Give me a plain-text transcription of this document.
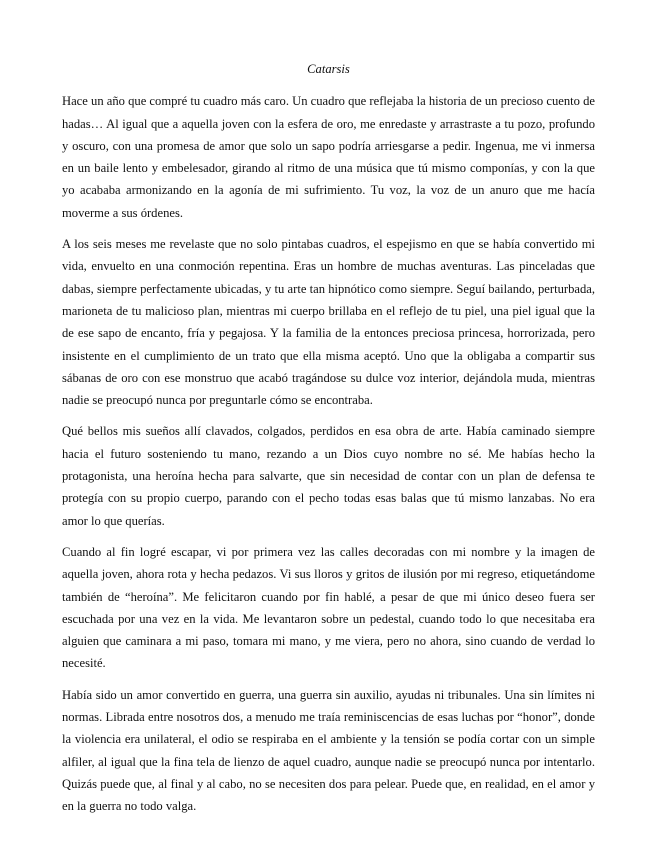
Catarsis

Hace un año que compré tu cuadro más caro. Un cuadro que reflejaba la historia de un precioso cuento de hadas… Al igual que a aquella joven con la esfera de oro, me enredaste y arrastraste a tu pozo, profundo y oscuro, con una promesa de amor que solo un sapo podría arriesgarse a pedir. Ingenua, me vi inmersa en un baile lento y embelesador, girando al ritmo de una música que tú mismo componías, y con la que yo acababa armonizando en la agonía de mi sufrimiento. Tu voz, la voz de un anuro que me hacía moverme a sus órdenes.

A los seis meses me revelaste que no solo pintabas cuadros, el espejismo en que se había convertido mi vida, envuelto en una conmoción repentina. Eras un hombre de muchas aventuras. Las pinceladas que dabas, siempre perfectamente ubicadas, y tu arte tan hipnótico como siempre. Seguí bailando, perturbada, marioneta de tu malicioso plan, mientras mi cuerpo brillaba en el reflejo de tu piel, una piel igual que la de ese sapo de encanto, fría y pegajosa. Y la familia de la entonces preciosa princesa, horrorizada, pero insistente en el cumplimiento de un trato que ella misma aceptó. Uno que la obligaba a compartir sus sábanas de oro con ese monstruo que acabó tragándose su dulce voz interior, dejándola muda, mientras nadie se preocupó nunca por preguntarle cómo se encontraba.

Qué bellos mis sueños allí clavados, colgados, perdidos en esa obra de arte. Había caminado siempre hacia el futuro sosteniendo tu mano, rezando a un Dios cuyo nombre no sé. Me habías hecho la protagonista, una heroína hecha para salvarte, que sin necesidad de contar con un plan de defensa te protegía con su propio cuerpo, parando con el pecho todas esas balas que tú mismo lanzabas. No era amor lo que querías.

Cuando al fin logré escapar, vi por primera vez las calles decoradas con mi nombre y la imagen de aquella joven, ahora rota y hecha pedazos. Vi sus lloros y gritos de ilusión por mi regreso, etiquetándome también de “heroína”. Me felicitaron cuando por fin hablé, a pesar de que mi único deseo fuera ser escuchada por una vez en la vida. Me levantaron sobre un pedestal, cuando todo lo que necesitaba era alguien que caminara a mi paso, tomara mi mano, y me viera, pero no ahora, sino cuando de verdad lo necesité.

Había sido un amor convertido en guerra, una guerra sin auxilio, ayudas ni tribunales. Una sin límites ni normas. Librada entre nosotros dos, a menudo me traía reminiscencias de esas luchas por “honor”, donde la violencia era unilateral, el odio se respiraba en el ambiente y la tensión se podía cortar con un simple alfiler, al igual que la fina tela de lienzo de aquel cuadro, aunque nadie se preocupó nunca por intentarlo. Quizás puede que, al final y al cabo, no se necesiten dos para pelear. Puede que, en realidad, en el amor y en la guerra no todo valga.
